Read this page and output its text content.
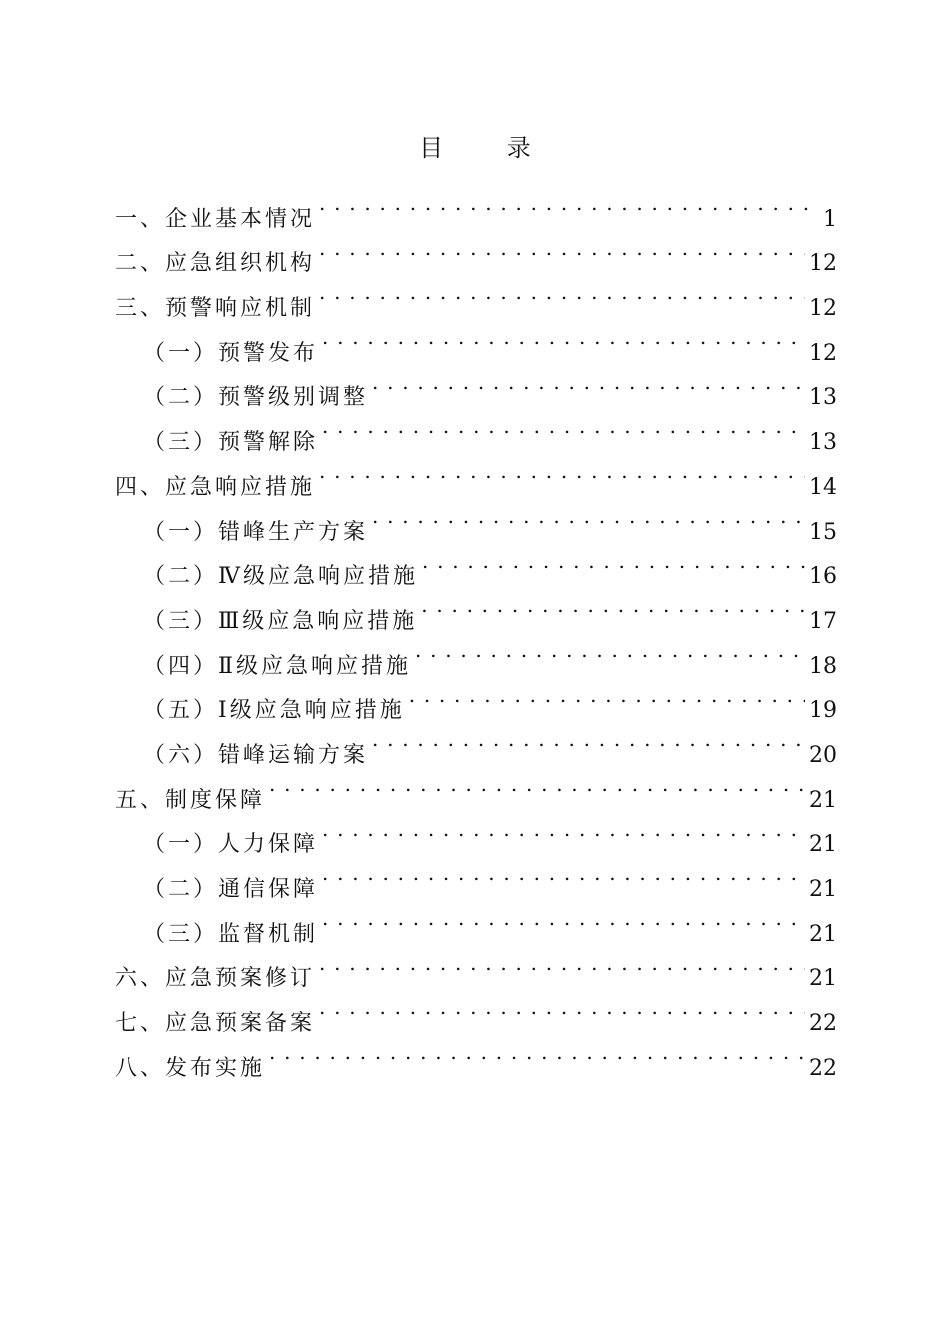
目 录
一、企业基本情况 . . .	1
二、应急组织机构 . . .	12
三、预警响应机制 . . .	12
（一）预警发布 . . .	12
（二）预警级别调整 . . .	13
（三）预警解除 . . .	13
四、应急响应措施 . . .	14
（一）错峰生产方案 . . .	15
（二）Ⅳ级应急响应措施 . . .	16
（三）Ⅲ级应急响应措施 . . .	17
（四）Ⅱ级应急响应措施 . . .	18
（五）Ⅰ级应急响应措施 . . .	19
（六）错峰运输方案 . . .	20
五、制度保障 . . .	21
（一）人力保障 . . .	21
（二）通信保障 . . .	21
（三）监督机制 . . .	21
六、应急预案修订 . . .	21
七、应急预案备案 . . .	22
八、发布实施 . . .	22
